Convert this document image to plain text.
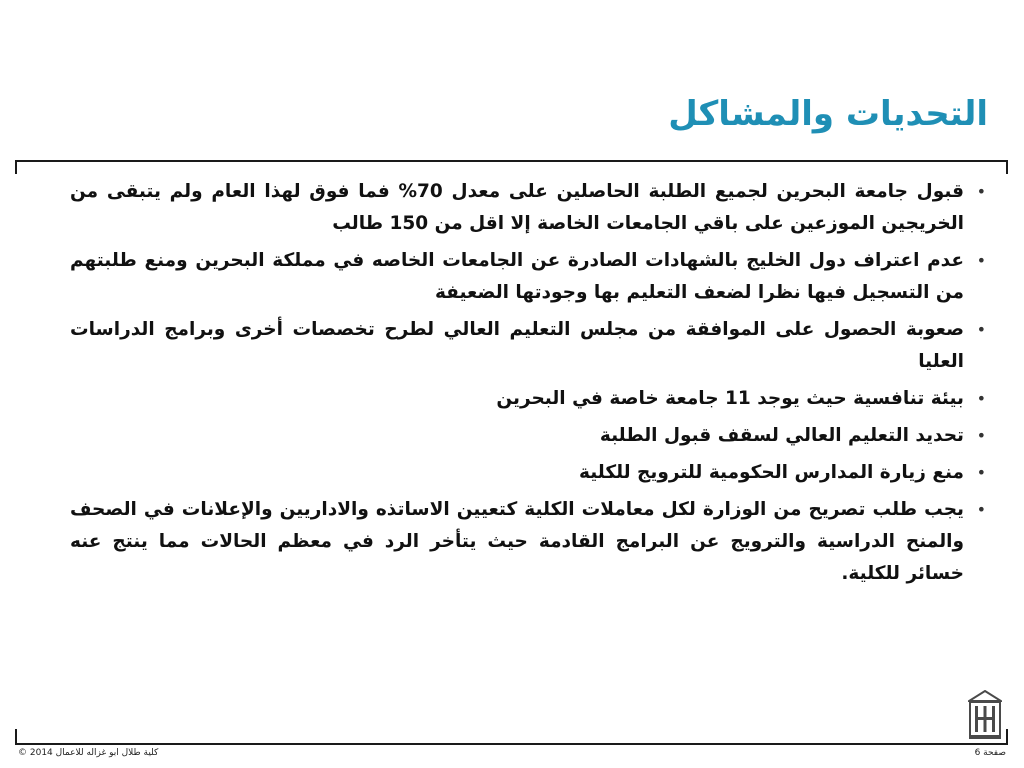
التحديات والمشاكل
•
قبول جامعة البحرين لجميع الطلبة الحاصلين على معدل 70% فما فوق لهذا العام ولم يتبقى من الخريجين الموزعين على باقي الجامعات الخاصة إلا اقل من 150 طالب
•
عدم اعتراف دول الخليج بالشهادات الصادرة عن الجامعات الخاصه في مملكة البحرين ومنع طلبتهم من التسجيل فيها نظرا لضعف التعليم بها وجودتها الضعيفة
•
صعوبة الحصول على الموافقة من مجلس التعليم العالي لطرح تخصصات أخرى وبرامج الدراسات العليا
•
بيئة تنافسية حيث يوجد 11 جامعة خاصة في البحرين
•
تحديد التعليم العالي لسقف قبول الطلبة
•
منع زيارة المدارس الحكومية للترويج للكلية
•
يجب طلب تصريح من الوزارة لكل معاملات الكلية كتعيين الاساتذه والاداريين والإعلانات في الصحف والمنح الدراسية والترويج عن البرامج القادمة حيث يتأخر الرد في معظم الحالات مما ينتج عنه خسائر للكلية.
كلية طلال ابو غزاله للاعمال 2014 ©	صفحة 6
